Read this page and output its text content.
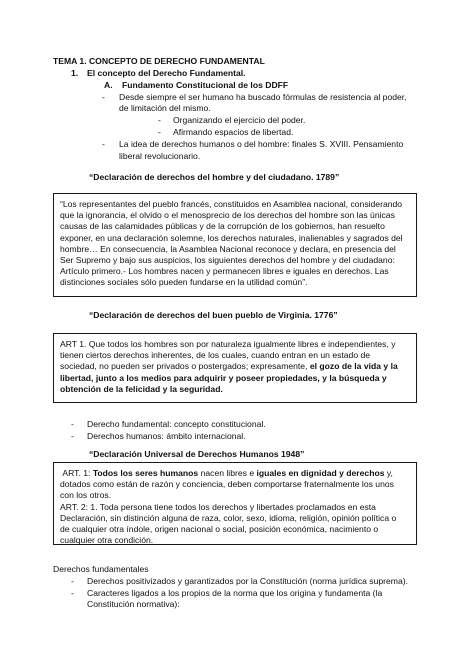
TEMA 1. CONCEPTO DE DERECHO FUNDAMENTAL
1. El concepto del Derecho Fundamental.
A. Fundamento Constitucional de los DDFF
- Desde siempre el ser humano ha buscado fórmulas de resistencia al poder,
de limitación del mismo.
- Organizando el ejercicio del poder.
- Afirmando espacios de libertad.
- La idea de derechos humanos o del hombre: finales S. XVIII. Pensamiento
liberal revolucionario.
“Declaración de derechos del hombre y del ciudadano. 1789”

“Los representantes del pueblo francés, constituidos en Asamblea nacional, considerando

que la ignorancia, el olvido o el menosprecio de los derechos del hombre son las únicas

causas de las calamidades públicas y de la corrupción de los gobiernos, han resuelto

exponer, en una declaración solemne, los derechos naturales, inalienables y sagrados del

hombre… En consecuencia, la Asamblea Nacional reconoce y declara, en presencia del

Ser Supremo y bajo sus auspicios, los siguientes derechos del hombre y del ciudadano:

Artículo primero.- Los hombres nacen y permanecen libres e iguales en derechos. Las

distinciones sociales sólo pueden fundarse en la utilidad común”.

“Declaración de derechos del buen pueblo de Virginia. 1776”

ART 1. Que todos los hombres son por naturaleza igualmente libres e independientes, y

tienen ciertos derechos inherentes, de los cuales, cuando entran en un estado de

sociedad, no pueden ser privados o postergados; expresamente, el gozo de la vida y la

libertad, junto a los medios para adquirir y poseer propiedades, y la búsqueda y

obtención de la felicidad y la seguridad.

- Derecho fundamental: concepto constitucional.
- Derechos humanos: ámbito internacional.
“Declaración Universal de Derechos Humanos 1948”

ART. 1: Todos los seres humanos nacen libres e iguales en dignidad y derechos y,

dotados como están de razón y conciencia, deben comportarse fraternalmente los unos

con los otros.

ART. 2: 1. Toda persona tiene todos los derechos y libertades proclamados en esta

Declaración, sin distinción alguna de raza, color, sexo, idioma, religión, opinión política o

de cualquier otra índole, origen nacional o social, posición económica, nacimiento o

cualquier otra condición.

Derechos fundamentales
- Derechos positivizados y garantizados por la Constitución (norma jurídica suprema).
- Caracteres ligados a los propios de la norma que los origina y fundamenta (la
Constitución normativa):
